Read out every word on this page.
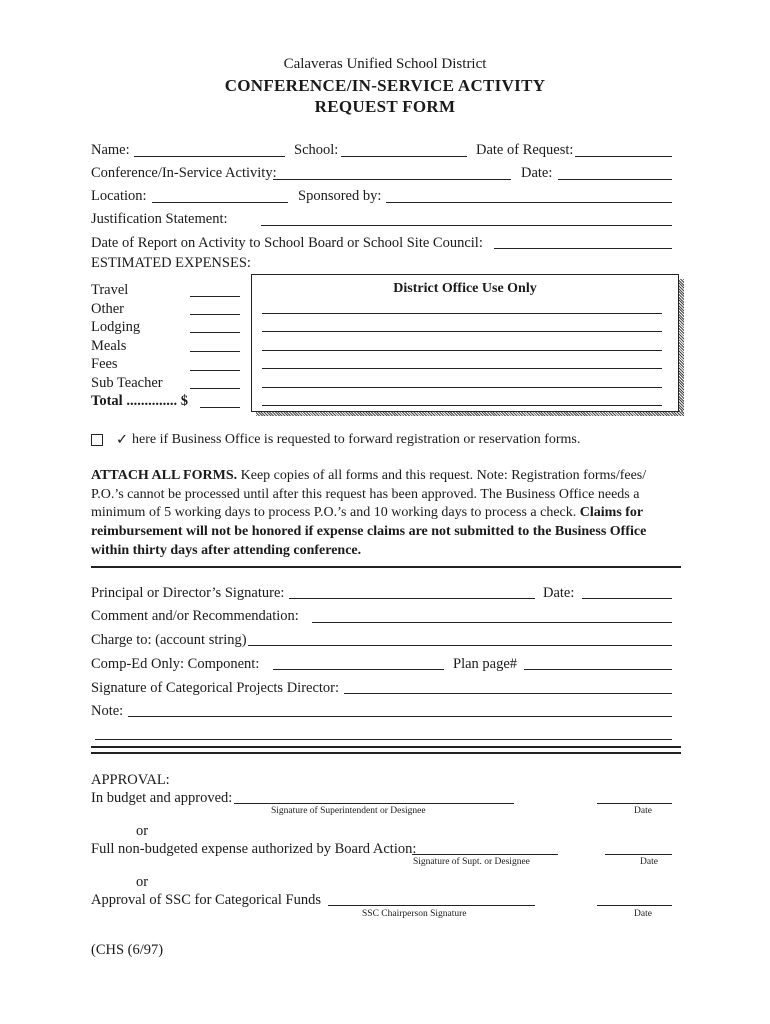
Calaveras Unified School District
CONFERENCE/IN-SERVICE ACTIVITY
REQUEST FORM
Name:	School:	Date of Request:
Conference/In-Service Activity:	Date:
Location:	Sponsored by:
Justification Statement:
Date of Report on Activity to School Board or School Site Council:
ESTIMATED EXPENSES:
Travel
Other
Lodging
Meals
Fees
Sub Teacher
Total .............. $
District Office Use Only
✓ here if Business Office is requested to forward registration or reservation forms.
ATTACH ALL FORMS. Keep copies of all forms and this request. Note: Registration forms/fees/ P.O.’s cannot be processed until after this request has been approved. The Business Office needs a minimum of 5 working days to process P.O.’s and 10 working days to process a check. Claims for reimbursement will not be honored if expense claims are not submitted to the Business Office within thirty days after attending conference.
Principal or Director’s Signature:	Date:
Comment and/or Recommendation:
Charge to: (account string)
Comp-Ed Only: Component:	Plan page#
Signature of Categorical Projects Director:
Note:
APPROVAL:
In budget and approved:
Signature of Superintendent or Designee	Date
or
Full non-budgeted expense authorized by Board Action:
Signature of Supt. or Designee	Date
or
Approval of SSC for Categorical Funds
SSC Chairperson Signature	Date
(CHS (6/97)
